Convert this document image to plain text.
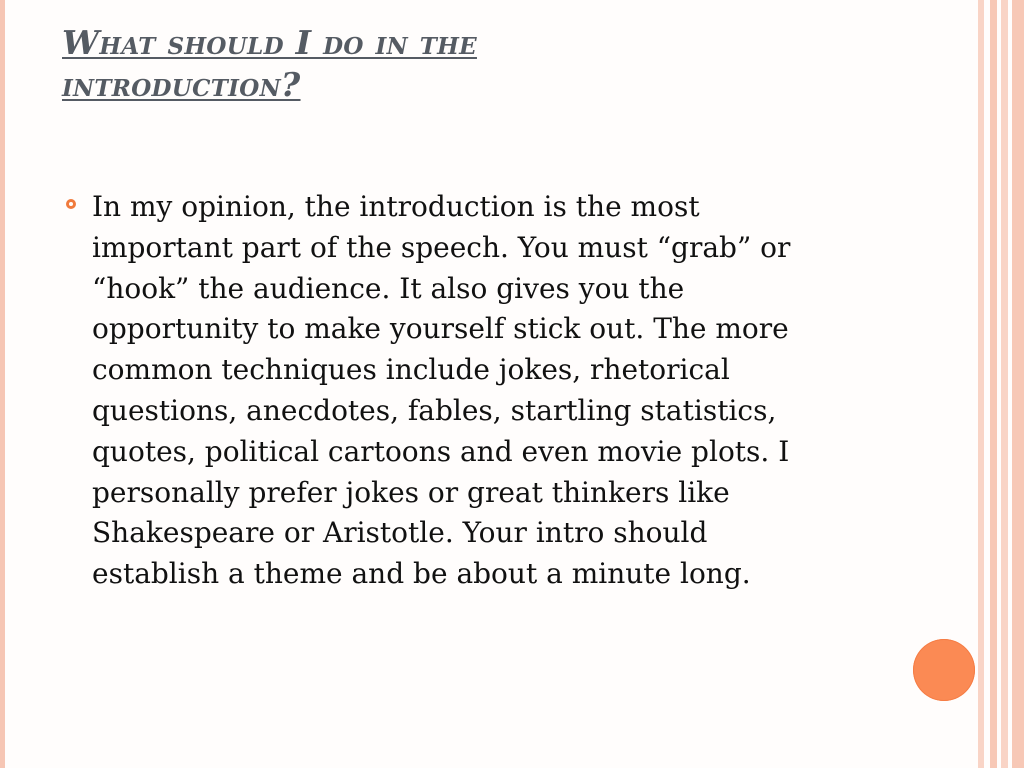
What should I do in the
introduction?

In my opinion, the introduction is the most
important part of the speech. You must “grab” or
“hook” the audience. It also gives you the
opportunity to make yourself stick out. The more
common techniques include jokes, rhetorical
questions, anecdotes, fables, startling statistics,
quotes, political cartoons and even movie plots. I
personally prefer jokes or great thinkers like
Shakespeare or Aristotle. Your intro should
establish a theme and be about a minute long.
